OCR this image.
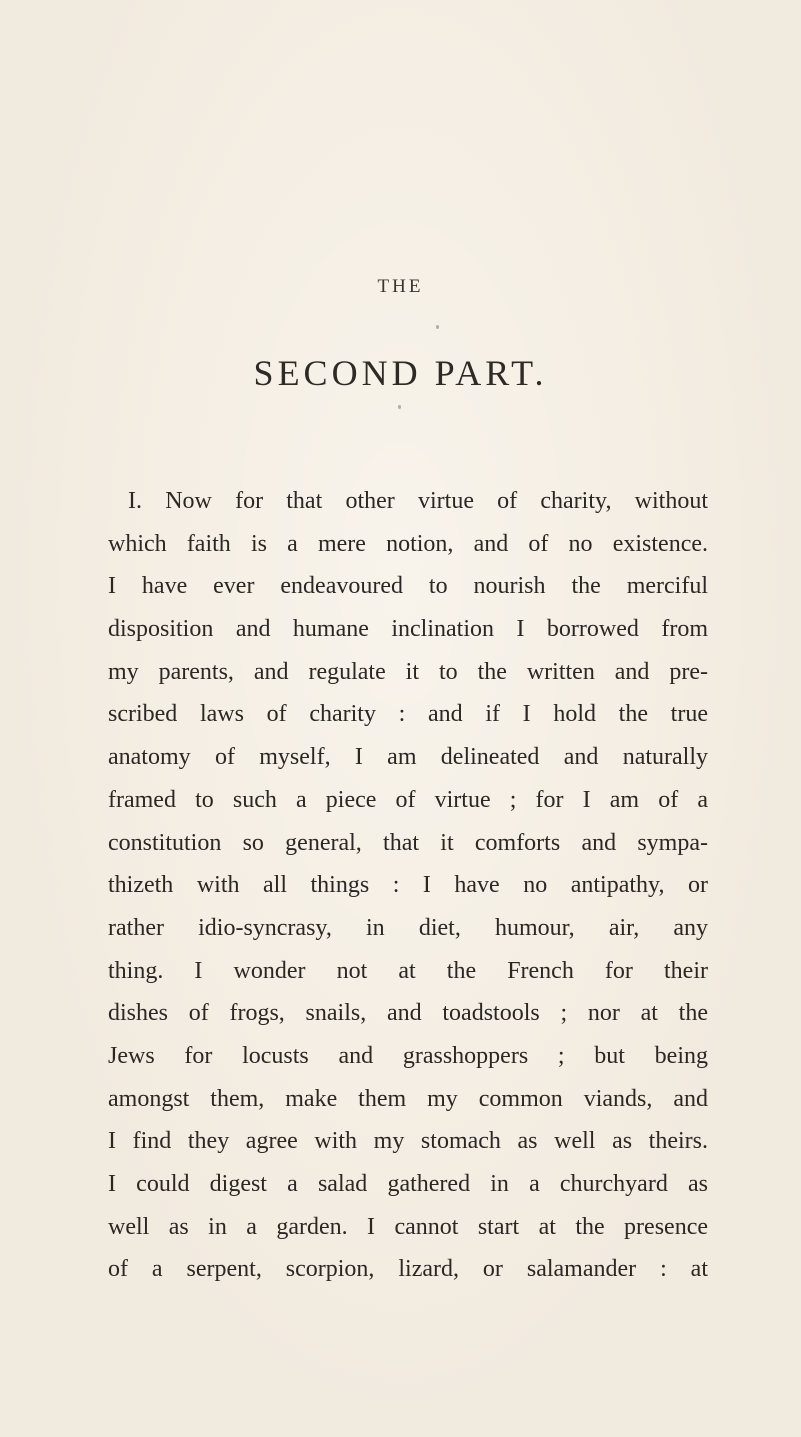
THE
SECOND PART.
I. Now for that other virtue of charity, without
which faith is a mere notion, and of no existence.
I have ever endeavoured to nourish the merciful
disposition and humane inclination I borrowed from
my parents, and regulate it to the written and pre-
scribed laws of charity : and if I hold the true
anatomy of myself, I am delineated and naturally
framed to such a piece of virtue ; for I am of a
constitution so general, that it comforts and sympa-
thizeth with all things : I have no antipathy, or
rather idio-syncrasy, in diet, humour, air, any
thing. I wonder not at the French for their
dishes of frogs, snails, and toadstools ; nor at the
Jews for locusts and grasshoppers ; but being
amongst them, make them my common viands, and
I find they agree with my stomach as well as theirs.
I could digest a salad gathered in a churchyard as
well as in a garden. I cannot start at the presence
of a serpent, scorpion, lizard, or salamander : at
